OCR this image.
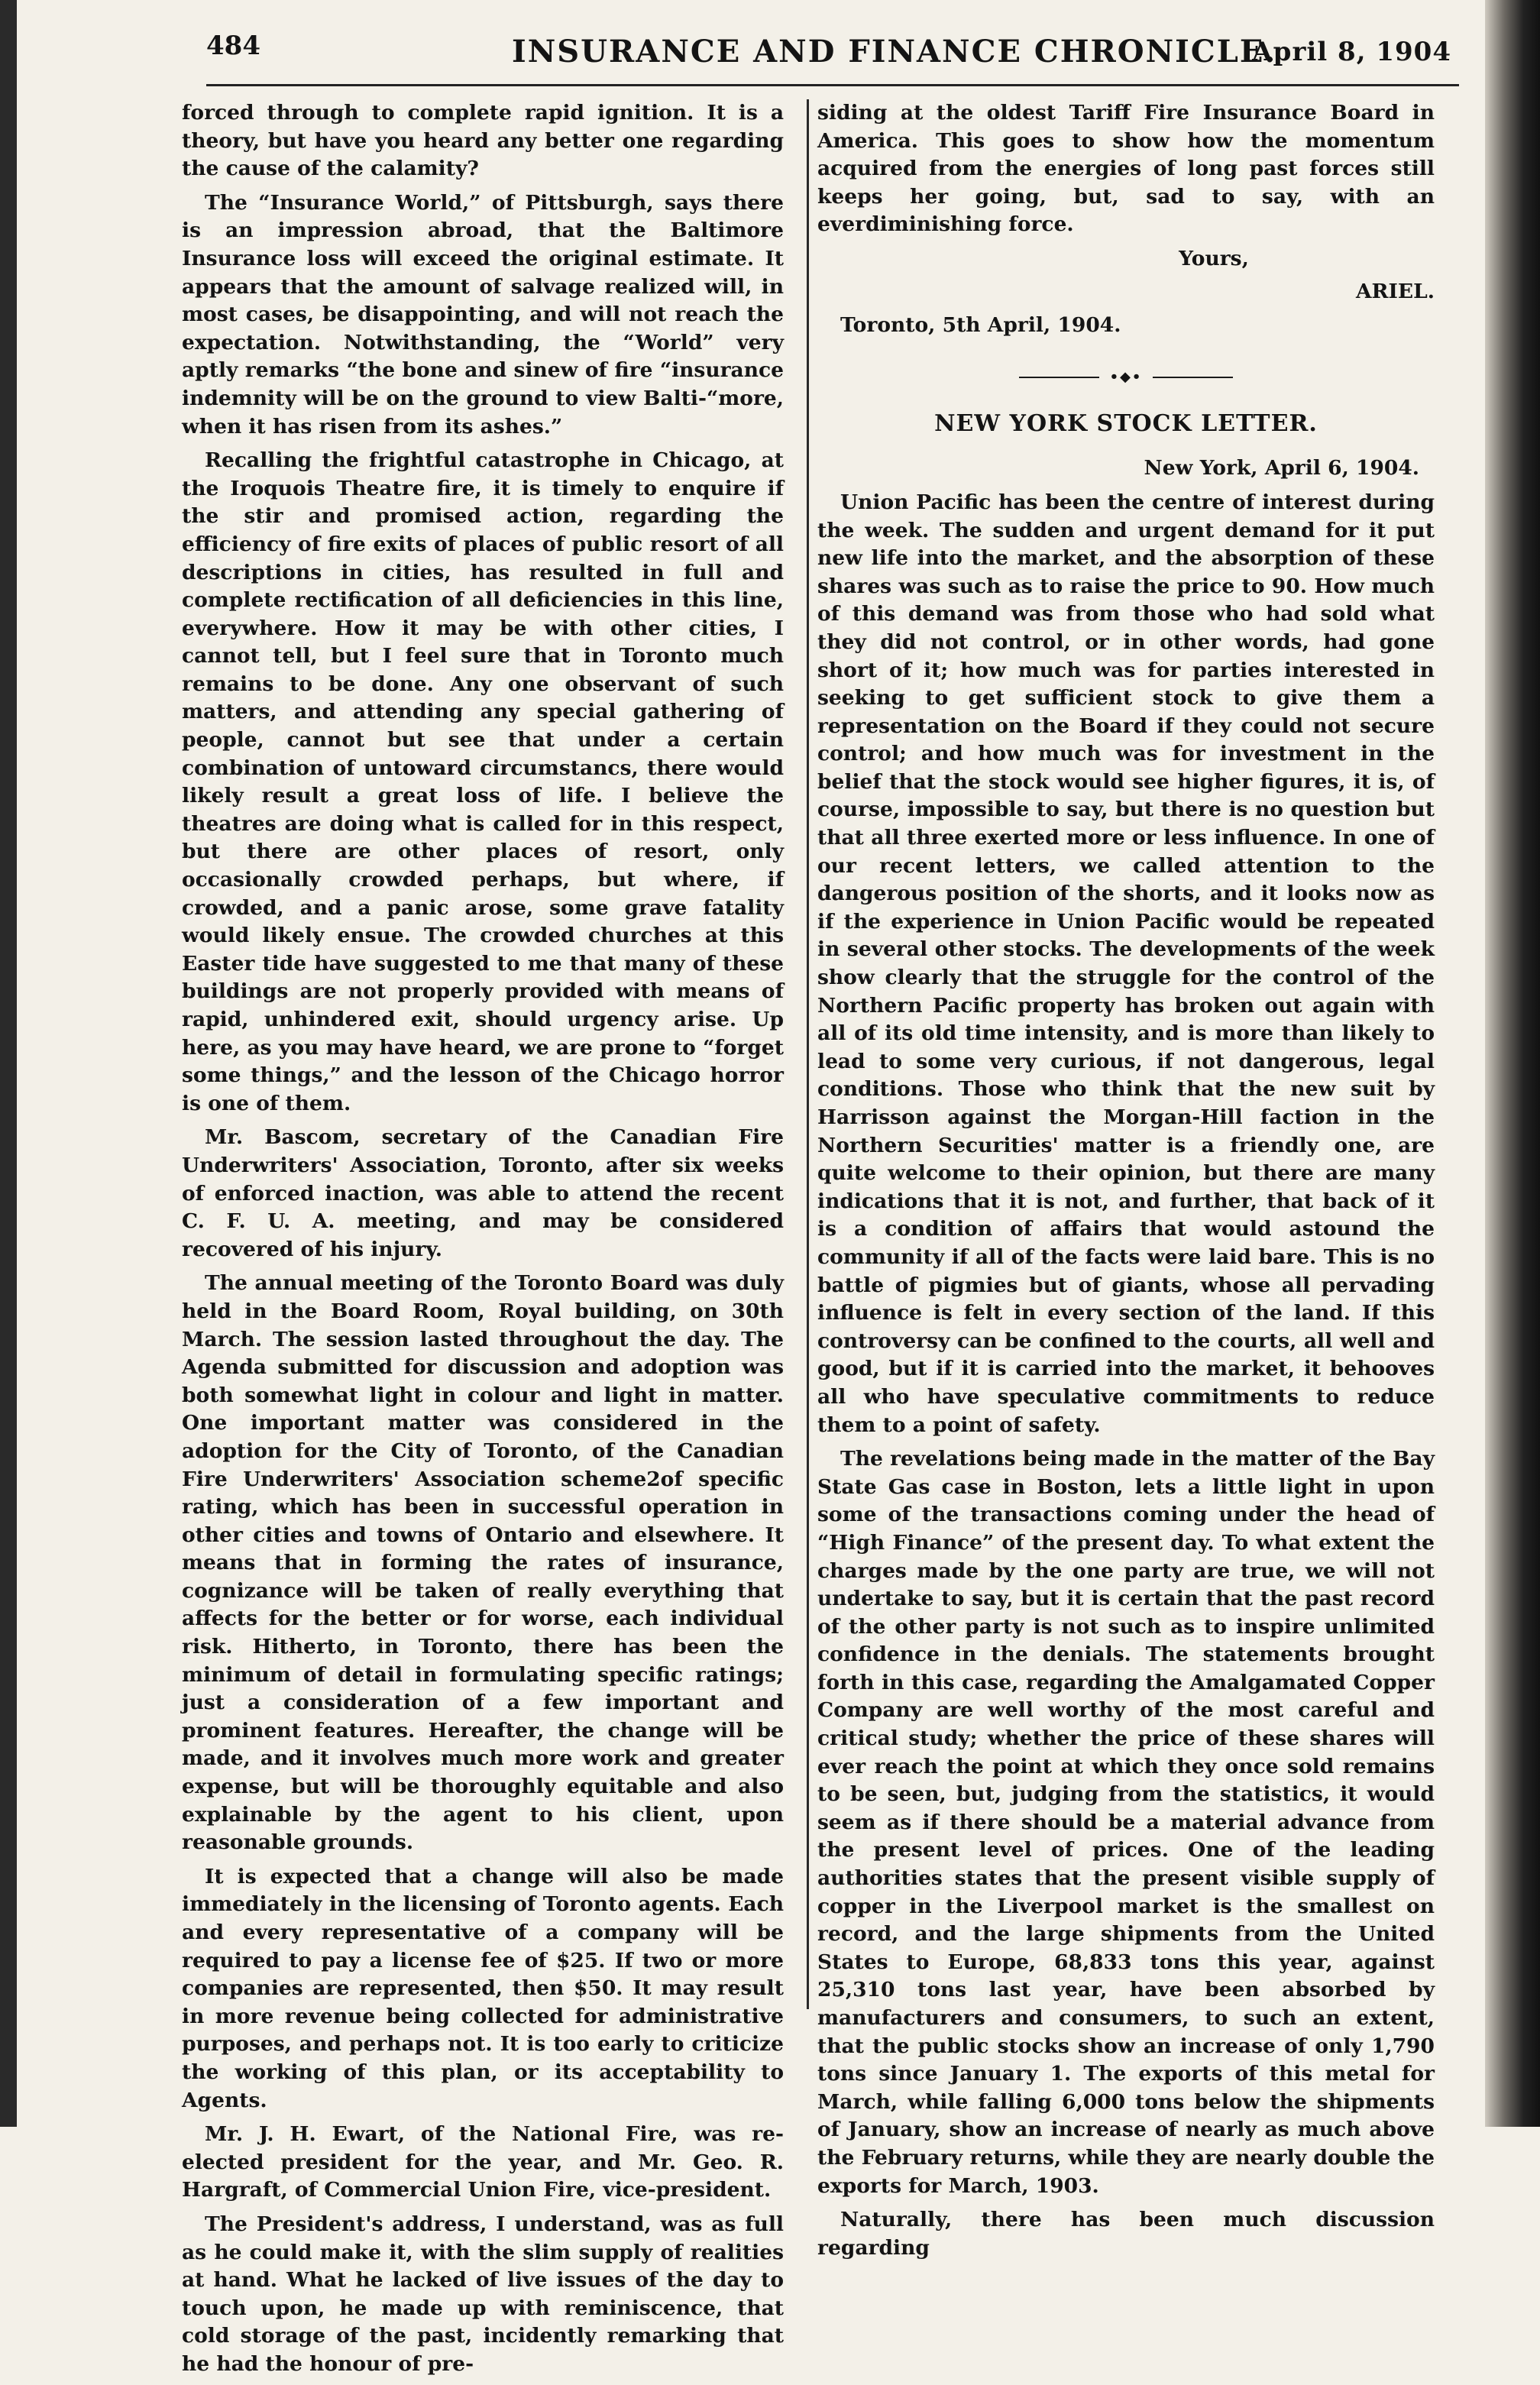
484	INSURANCE AND FINANCE CHRONICLE.
April 8, 1904

forced through to complete rapid ignition. It is a theory, but have you heard any better one regarding the cause of the calamity?

The “Insurance World,” of Pittsburgh, says there is an impression abroad, that the Baltimore Insurance loss will exceed the original estimate. It appears that the amount of salvage realized will, in most cases, be disappointing, and will not reach the expectation. Notwithstanding, the “World” very aptly remarks “the bone and sinew of fire “insurance indemnity will be on the ground to view Balti-“more, when it has risen from its ashes.”

Recalling the frightful catastrophe in Chicago, at the Iroquois Theatre fire, it is timely to enquire if the stir and promised action, regarding the efficiency of fire exits of places of public resort of all descriptions in cities, has resulted in full and complete rectification of all deficiencies in this line, everywhere. How it may be with other cities, I cannot tell, but I feel sure that in Toronto much remains to be done. Any one observant of such matters, and attending any special gathering of people, cannot but see that under a certain combination of untoward circumstancs, there would likely result a great loss of life. I believe the theatres are doing what is called for in this respect, but there are other places of resort, only occasionally crowded perhaps, but where, if crowded, and a panic arose, some grave fatality would likely ensue. The crowded churches at this Easter tide have suggested to me that many of these buildings are not properly provided with means of rapid, unhindered exit, should urgency arise. Up here, as you may have heard, we are prone to “forget some things,” and the lesson of the Chicago horror is one of them.

Mr. Bascom, secretary of the Canadian Fire Underwriters' Association, Toronto, after six weeks of enforced inaction, was able to attend the recent C. F. U. A. meeting, and may be considered recovered of his injury.

The annual meeting of the Toronto Board was duly held in the Board Room, Royal building, on 30th March. The session lasted throughout the day. The Agenda submitted for discussion and adoption was both somewhat light in colour and light in matter. One important matter was considered in the adoption for the City of Toronto, of the Canadian Fire Underwriters' Association scheme2of specific rating, which has been in successful operation in other cities and towns of Ontario and elsewhere. It means that in forming the rates of insurance, cognizance will be taken of really everything that affects for the better or for worse, each individual risk. Hitherto, in Toronto, there has been the minimum of detail in formulating specific ratings; just a consideration of a few important and prominent features. Hereafter, the change will be made, and it involves much more work and greater expense, but will be thoroughly equitable and also explainable by the agent to his client, upon reasonable grounds.

It is expected that a change will also be made immediately in the licensing of Toronto agents. Each and every representative of a company will be required to pay a license fee of $25. If two or more companies are represented, then $50. It may result in more revenue being collected for administrative purposes, and perhaps not. It is too early to criticize the working of this plan, or its acceptability to Agents.

Mr. J. H. Ewart, of the National Fire, was re-elected president for the year, and Mr. Geo. R. Hargraft, of Commercial Union Fire, vice-president.

The President's address, I understand, was as full as he could make it, with the slim supply of realities at hand. What he lacked of live issues of the day to touch upon, he made up with reminiscence, that cold storage of the past, incidently remarking that he had the honour of pre-

siding at the oldest Tariff Fire Insurance Board in America. This goes to show how the momentum acquired from the energies of long past forces still keeps her going, but, sad to say, with an everdiminishing force.

Yours,

ARIEL.

Toronto, 5th April, 1904.

•◆•
NEW YORK STOCK LETTER.

New York, April 6, 1904.

Union Pacific has been the centre of interest during the week. The sudden and urgent demand for it put new life into the market, and the absorption of these shares was such as to raise the price to 90. How much of this demand was from those who had sold what they did not control, or in other words, had gone short of it; how much was for parties interested in seeking to get sufficient stock to give them a representation on the Board if they could not secure control; and how much was for investment in the belief that the stock would see higher figures, it is, of course, impossible to say, but there is no question but that all three exerted more or less influence. In one of our recent letters, we called attention to the dangerous position of the shorts, and it looks now as if the experience in Union Pacific would be repeated in several other stocks. The developments of the week show clearly that the struggle for the control of the Northern Pacific property has broken out again with all of its old time intensity, and is more than likely to lead to some very curious, if not dangerous, legal conditions. Those who think that the new suit by Harrisson against the Morgan-Hill faction in the Northern Securities' matter is a friendly one, are quite welcome to their opinion, but there are many indications that it is not, and further, that back of it is a condition of affairs that would astound the community if all of the facts were laid bare. This is no battle of pigmies but of giants, whose all pervading influence is felt in every section of the land. If this controversy can be confined to the courts, all well and good, but if it is carried into the market, it behooves all who have speculative commitments to reduce them to a point of safety.

The revelations being made in the matter of the Bay State Gas case in Boston, lets a little light in upon some of the transactions coming under the head of “High Finance” of the present day. To what extent the charges made by the one party are true, we will not undertake to say, but it is certain that the past record of the other party is not such as to inspire unlimited confidence in the denials. The statements brought forth in this case, regarding the Amalgamated Copper Company are well worthy of the most careful and critical study; whether the price of these shares will ever reach the point at which they once sold remains to be seen, but, judging from the statistics, it would seem as if there should be a material advance from the present level of prices. One of the leading authorities states that the present visible supply of copper in the Liverpool market is the smallest on record, and the large shipments from the United States to Europe, 68,833 tons this year, against 25,310 tons last year, have been absorbed by manufacturers and consumers, to such an extent, that the public stocks show an increase of only 1,790 tons since January 1. The exports of this metal for March, while falling 6,000 tons below the shipments of January, show an increase of nearly as much above the February returns, while they are nearly double the exports for March, 1903.

Naturally, there has been much discussion regarding
